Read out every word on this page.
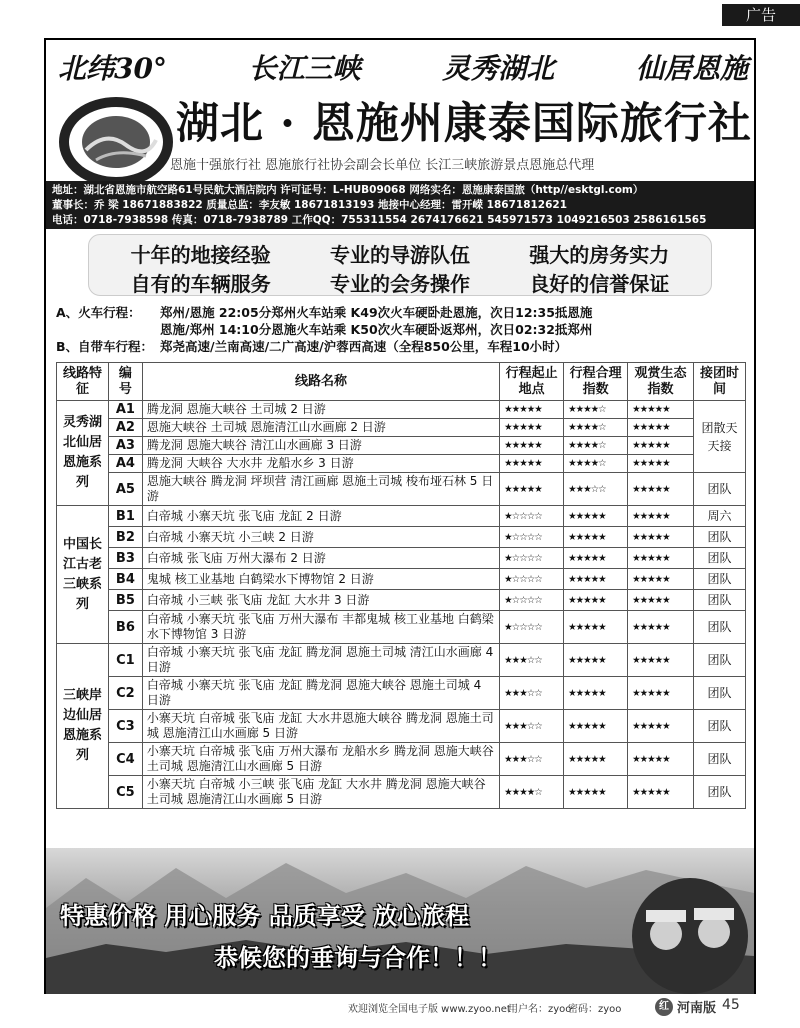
广告
北纬30°	长江三峡	灵秀湖北	仙居恩施
湖北 · 恩施州康泰国际旅行社
恩施十强旅行社 恩施旅行社协会副会长单位 长江三峡旅游景点恩施总代理
地址：湖北省恩施市航空路61号民航大酒店院内 许可证号：L-HUB09068 网络实名：恩施康泰国旅（http//esktgl.com）
董事长：乔 梁 18671883822 质量总监：李友敏 18671813193 地接中心经理：雷开嵘 18671812621
电话：0718-7938598 传真：0718-7938789 工作QQ：755311554 2674176621 545971573 1049216503 2586161565
十年的地接经验	专业的导游队伍	强大的房务实力
自有的车辆服务	专业的会务操作	良好的信誉保证
A、火车行程：	郑州/恩施 22:05分郑州火车站乘 K49次火车硬卧赴恩施，次日12:35抵恩施
恩施/郑州 14:10分恩施火车站乘 K50次火车硬卧返郑州，次日02:32抵郑州
B、自带车行程： 郑尧高速/兰南高速/二广高速/沪蓉西高速（全程850公里，车程10小时）
线路特征	编号	线路名称	行程起止地点	行程合理指数	观赏生态指数	接团时间
灵秀湖北仙居恩施系列	A1	腾龙洞 恩施大峡谷 土司城 2 日游	★★★★★	★★★★☆	★★★★★	团散天天接
	A2	恩施大峡谷 土司城 恩施清江山水画廊 2 日游	★★★★★	★★★★☆	★★★★★	
	A3	腾龙洞 恩施大峡谷 清江山水画廊 3 日游	★★★★★	★★★★☆	★★★★★	
	A4	腾龙洞 大峡谷 大水井 龙船水乡 3 日游	★★★★★	★★★★☆	★★★★★	
	A5	恩施大峡谷 腾龙洞 坪坝营 清江画廊 恩施土司城 梭布垭石林 5 日游	★★★★★	★★★☆☆	★★★★★	团队
中国长江古老三峡系列	B1	白帝城 小寨天坑 张飞庙 龙缸 2 日游	★☆☆☆☆	★★★★★	★★★★★	周六
	B2	白帝城 小寨天坑 小三峡 2 日游	★☆☆☆☆	★★★★★	★★★★★	团队
	B3	白帝城 张飞庙 万州大瀑布 2 日游	★☆☆☆☆	★★★★★	★★★★★	团队
	B4	鬼城 核工业基地 白鹤梁水下博物馆 2 日游	★☆☆☆☆	★★★★★	★★★★★	团队
	B5	白帝城 小三峡 张飞庙 龙缸 大水井 3 日游	★☆☆☆☆	★★★★★	★★★★★	团队
	B6	白帝城 小寨天坑 张飞庙 万州大瀑布 丰都鬼城 核工业基地 白鹤梁水下博物馆 3 日游	★☆☆☆☆	★★★★★	★★★★★	团队
三峡岸边仙居恩施系列	C1	白帝城 小寨天坑 张飞庙 龙缸 腾龙洞 恩施土司城 清江山水画廊 4 日游	★★★☆☆	★★★★★	★★★★★	团队
	C2	白帝城 小寨天坑 张飞庙 龙缸 腾龙洞 恩施大峡谷 恩施土司城 4 日游	★★★☆☆	★★★★★	★★★★★	团队
	C3	小寨天坑 白帝城 张飞庙 龙缸 大水井恩施大峡谷 腾龙洞 恩施土司城 恩施清江山水画廊 5 日游	★★★☆☆	★★★★★	★★★★★	团队
	C4	小寨天坑 白帝城 张飞庙 万州大瀑布 龙船水乡 腾龙洞 恩施大峡谷 土司城 恩施清江山水画廊 5 日游	★★★☆☆	★★★★★	★★★★★	团队
	C5	小寨天坑 白帝城 小三峡 张飞庙 龙缸 大水井 腾龙洞 恩施大峡谷 土司城 恩施清江山水画廊 5 日游	★★★★☆	★★★★★	★★★★★	团队
特惠价格 用心服务 品质享受 放心旅程
恭候您的垂询与合作！！！
欢迎浏览全国电子版 www.zyoo.net
用户名：zyoo
密码：zyoo	红 河南版 45
